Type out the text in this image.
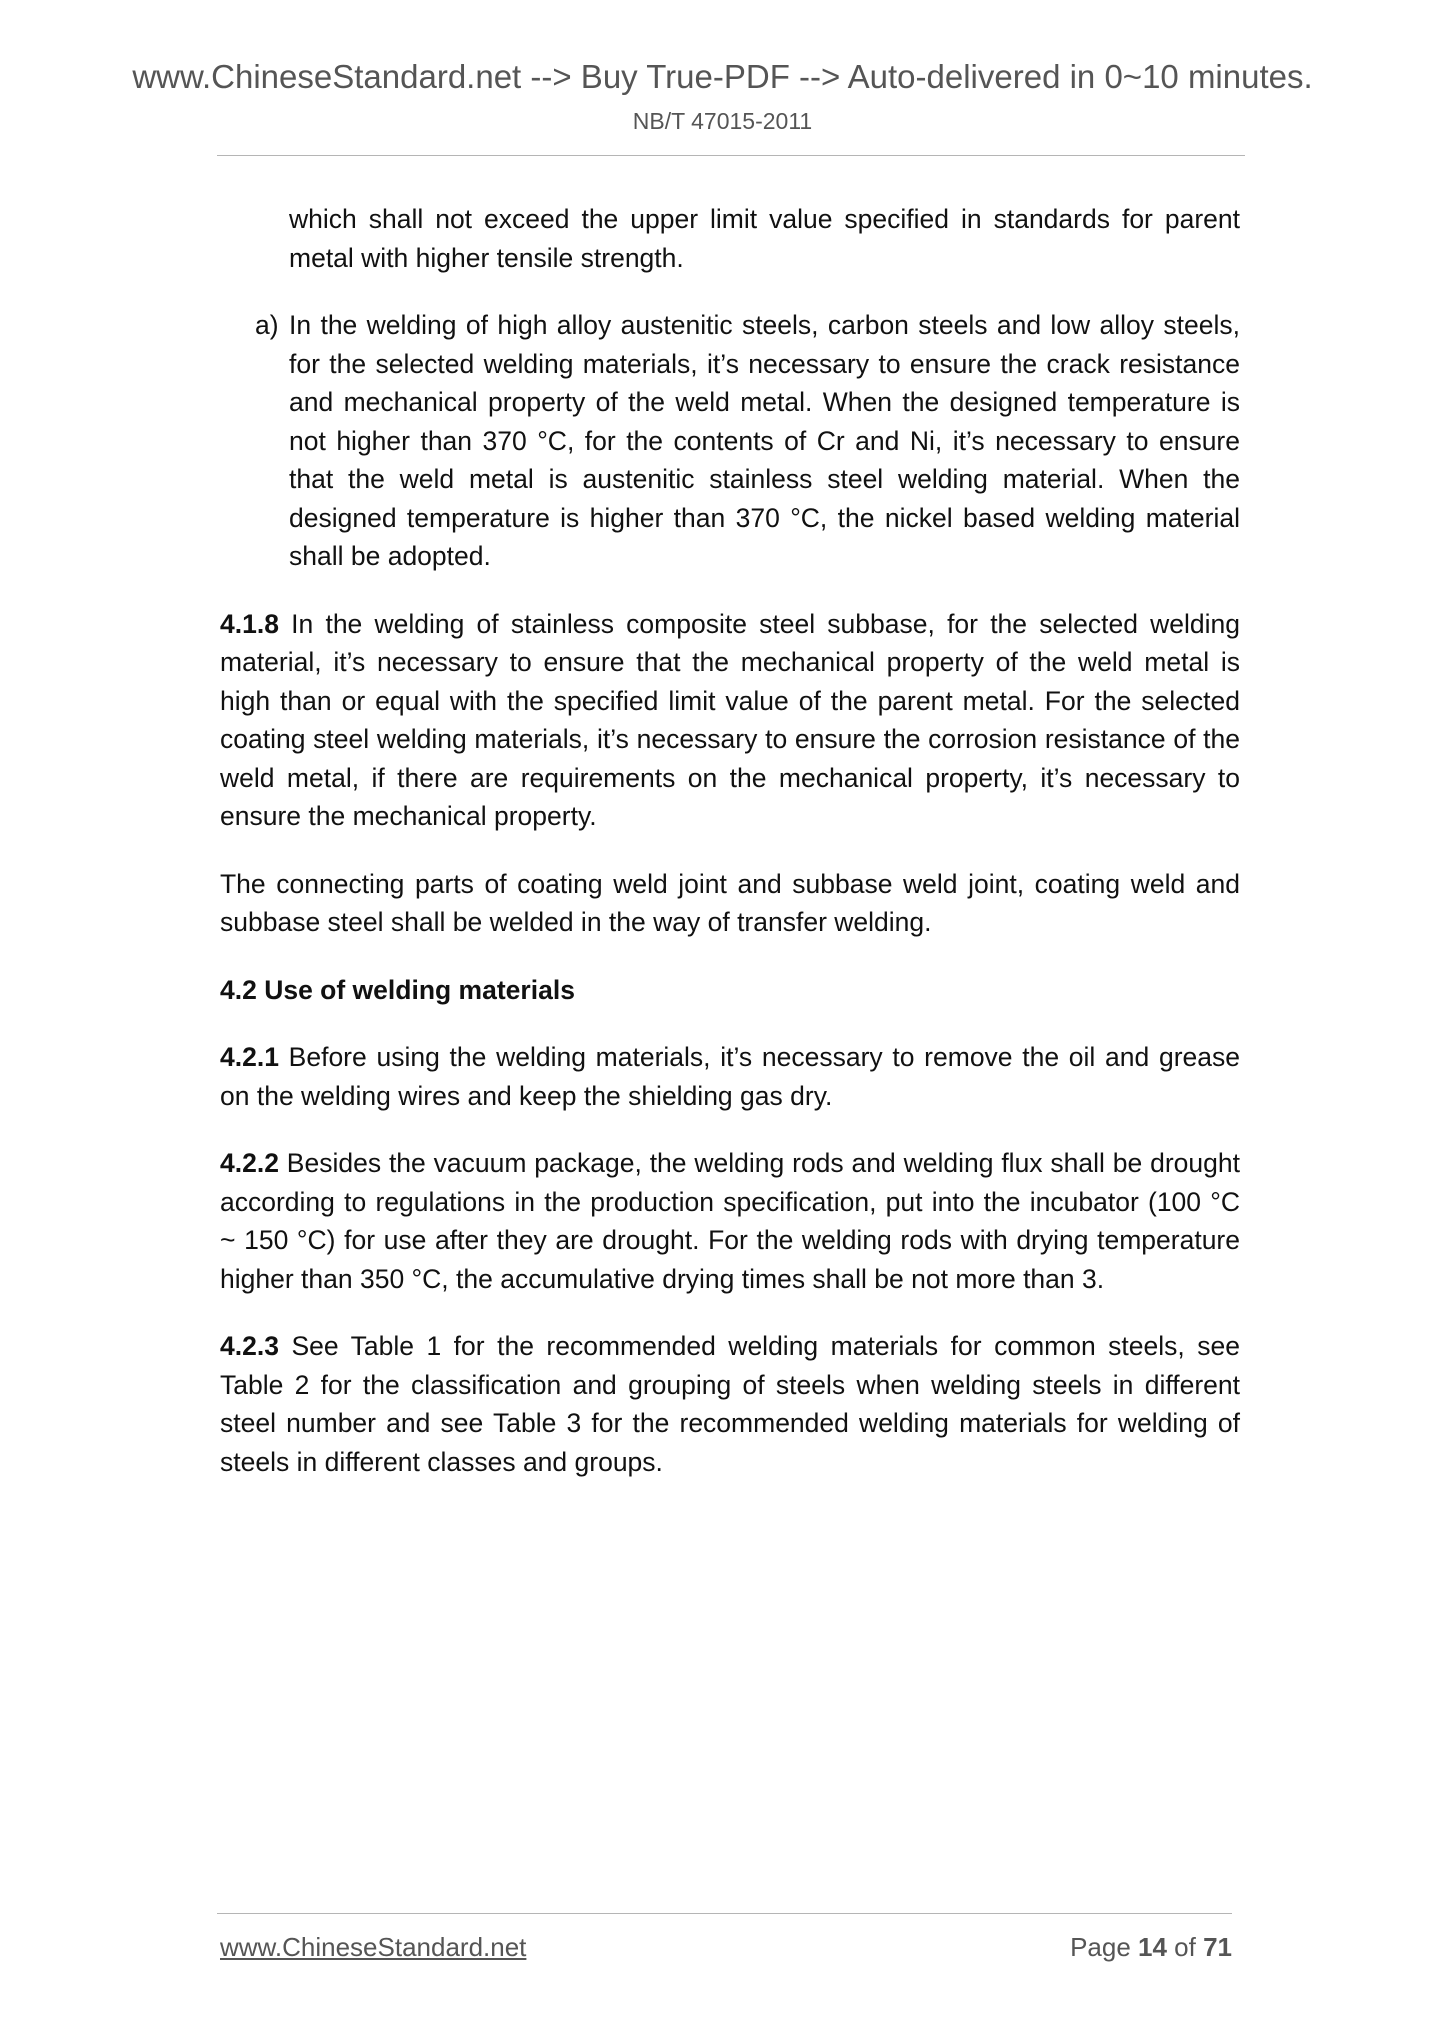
www.ChineseStandard.net --> Buy True-PDF --> Auto-delivered in 0~10 minutes.
NB/T 47015-2011

which shall not exceed the upper limit value specified in standards for parent metal with higher tensile strength.

a) In the welding of high alloy austenitic steels, carbon steels and low alloy steels, for the selected welding materials, it’s necessary to ensure the crack resistance and mechanical property of the weld metal. When the designed temperature is not higher than 370 °C, for the contents of Cr and Ni, it’s necessary to ensure that the weld metal is austenitic stainless steel welding material. When the designed temperature is higher than 370 °C, the nickel based welding material shall be adopted.

4.1.8 In the welding of stainless composite steel subbase, for the selected welding material, it’s necessary to ensure that the mechanical property of the weld metal is high than or equal with the specified limit value of the parent metal. For the selected coating steel welding materials, it’s necessary to ensure the corrosion resistance of the weld metal, if there are requirements on the mechanical property, it’s necessary to ensure the mechanical property.

The connecting parts of coating weld joint and subbase weld joint, coating weld and subbase steel shall be welded in the way of transfer welding.

4.2 Use of welding materials

4.2.1 Before using the welding materials, it’s necessary to remove the oil and grease on the welding wires and keep the shielding gas dry.

4.2.2 Besides the vacuum package, the welding rods and welding flux shall be drought according to regulations in the production specification, put into the incubator (100 °C ~ 150 °C) for use after they are drought. For the welding rods with drying temperature higher than 350 °C, the accumulative drying times shall be not more than 3.

4.2.3 See Table 1 for the recommended welding materials for common steels, see Table 2 for the classification and grouping of steels when welding steels in different steel number and see Table 3 for the recommended welding materials for welding of steels in different classes and groups.

www.ChineseStandard.net	Page 14 of 71
